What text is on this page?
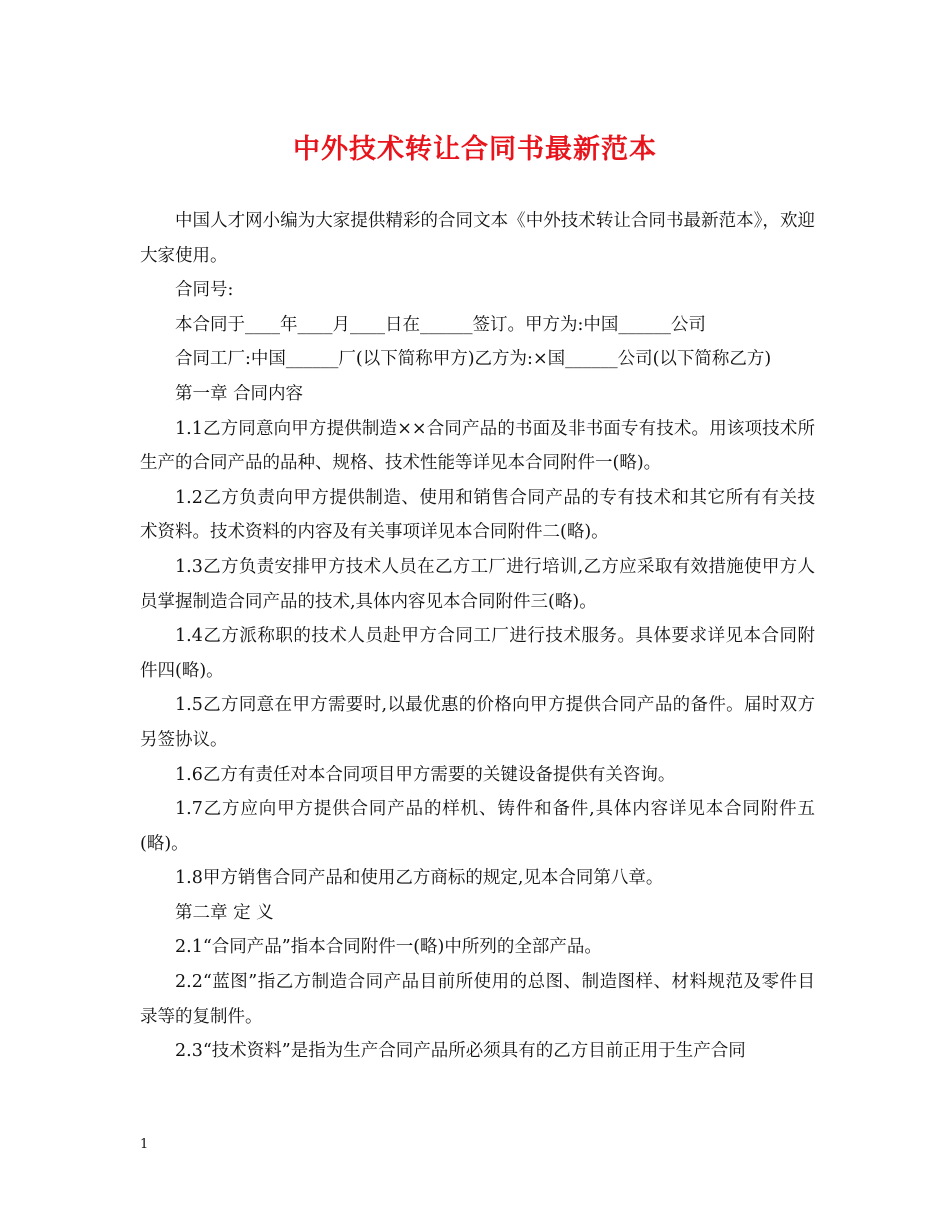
中外技术转让合同书最新范本

中国人才网小编为大家提供精彩的合同文本《中外技术转让合同书最新范本》，欢迎大家使用。

合同号:

本合同于____年____月____日在______签订。甲方为:中国______公司

合同工厂:中国______厂(以下简称甲方)乙方为:×国______公司(以下简称乙方)

第一章 合同内容

1.1乙方同意向甲方提供制造××合同产品的书面及非书面专有技术。用该项技术所生产的合同产品的品种、规格、技术性能等详见本合同附件一(略)。

1.2乙方负责向甲方提供制造、使用和销售合同产品的专有技术和其它所有有关技术资料。技术资料的内容及有关事项详见本合同附件二(略)。

1.3乙方负责安排甲方技术人员在乙方工厂进行培训,乙方应采取有效措施使甲方人员掌握制造合同产品的技术,具体内容见本合同附件三(略)。

1.4乙方派称职的技术人员赴甲方合同工厂进行技术服务。具体要求详见本合同附件四(略)。

1.5乙方同意在甲方需要时,以最优惠的价格向甲方提供合同产品的备件。届时双方另签协议。

1.6乙方有责任对本合同项目甲方需要的关键设备提供有关咨询。

1.7乙方应向甲方提供合同产品的样机、铸件和备件,具体内容详见本合同附件五(略)。

1.8甲方销售合同产品和使用乙方商标的规定,见本合同第八章。

第二章 定 义

2.1“合同产品”指本合同附件一(略)中所列的全部产品。

2.2“蓝图”指乙方制造合同产品目前所使用的总图、制造图样、材料规范及零件目录等的复制件。

2.3“技术资料”是指为生产合同产品所必须具有的乙方目前正用于生产合同

1
